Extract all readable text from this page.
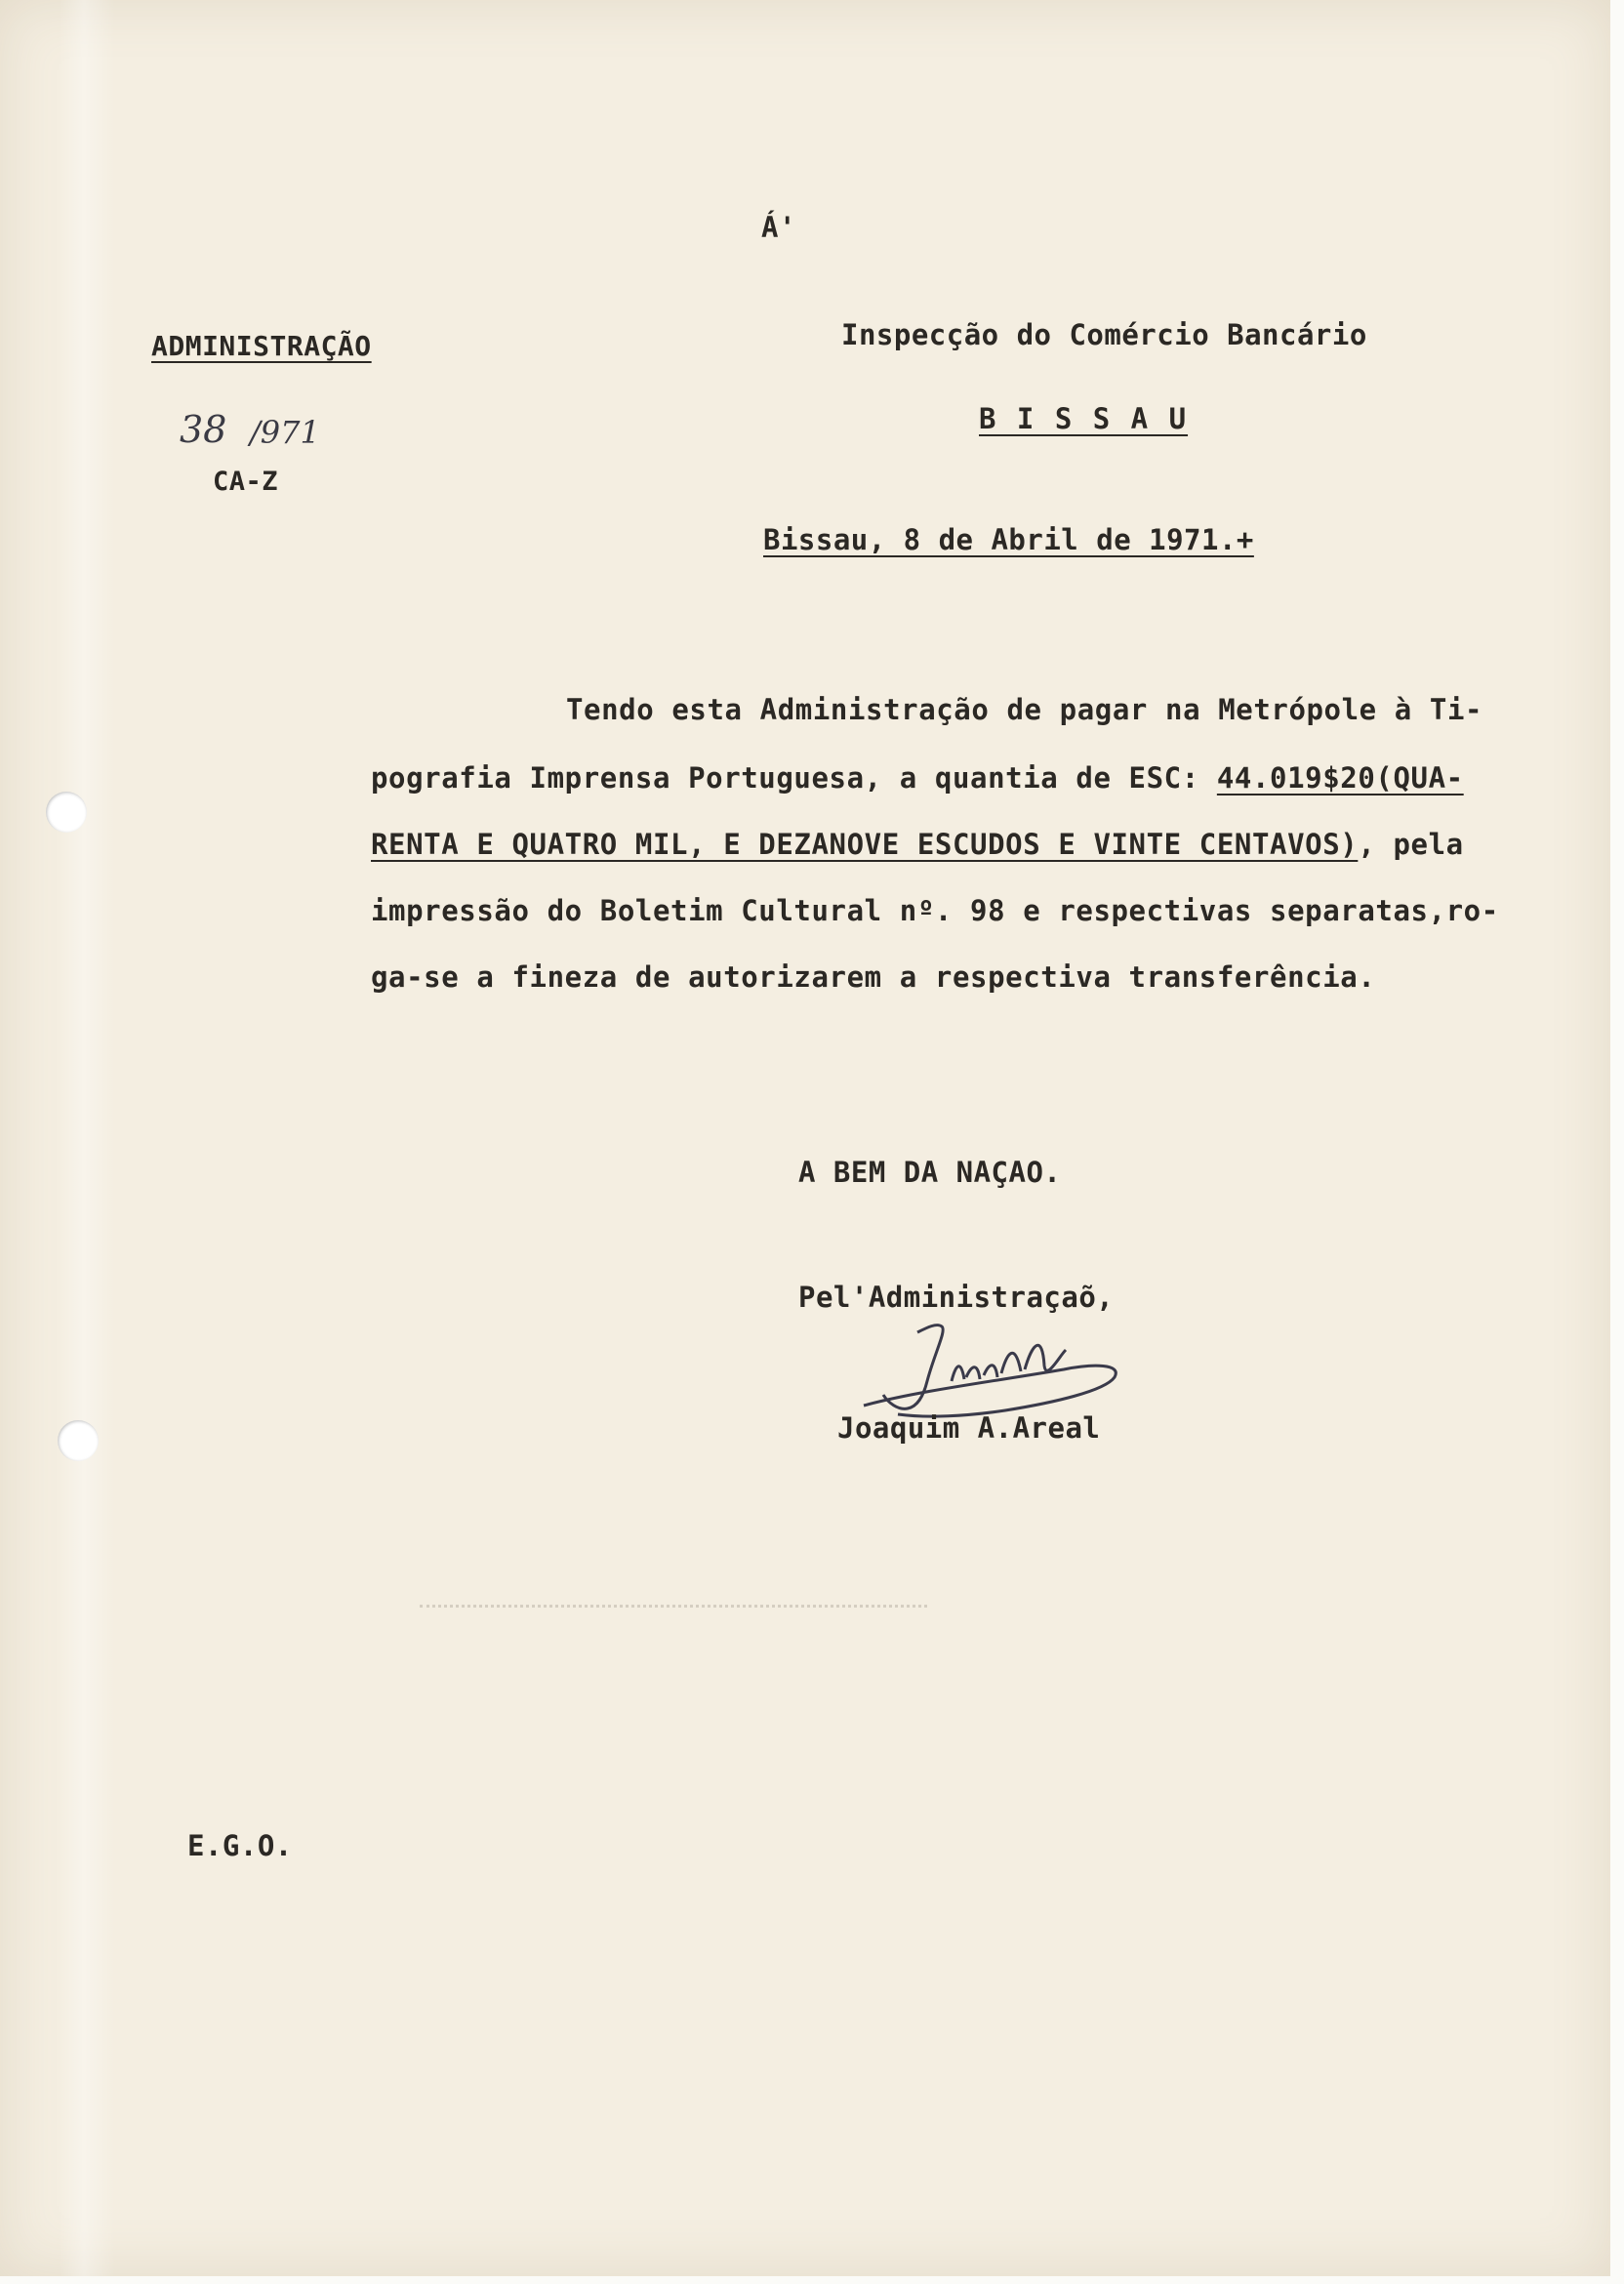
Á'
ADMINISTRAÇÃO
38 /971
CA-Z
Inspecção do Comércio Bancário
B I S S A U
Bissau, 8 de Abril de 1971.+
Tendo esta Administração de pagar na Metrópole à Ti-
pografia Imprensa Portuguesa, a quantia de ESC: 44.019$20(QUA-
RENTA E QUATRO MIL, E DEZANOVE ESCUDOS E VINTE CENTAVOS), pela
impressão do Boletim Cultural nº. 98 e respectivas separatas,ro-
ga-se a fineza de autorizarem a respectiva transferência.
A BEM DA NAÇAO.
Pel'Administraçaõ,
Joaquim A.Areal
E.G.O.
